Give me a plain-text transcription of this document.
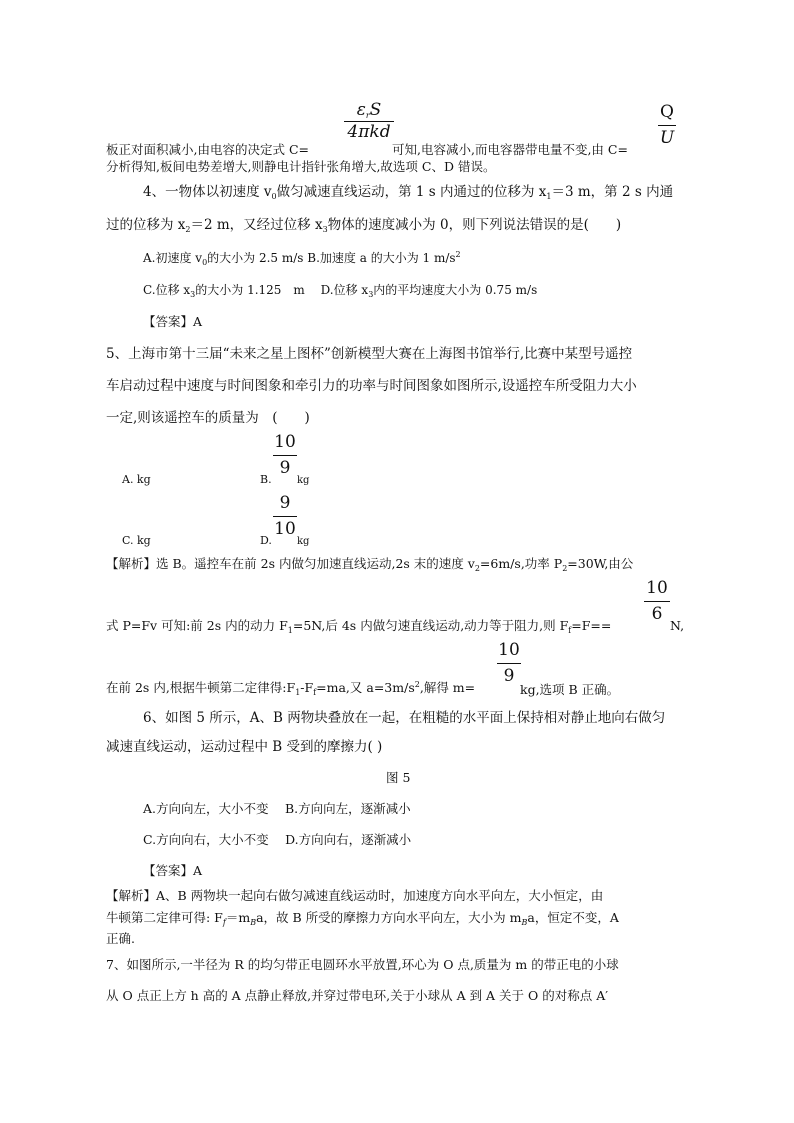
$\varepsilon_rS$
4πkd
Q
U
板正对面积减小,由电容的决定式 C=	可知,电容减小,而电容器带电量不变,由 C=
分析得知,板间电势差增大,则静电计指针张角增大,故选项 C、D 错误。
4、一物体以初速度 $v_0$做匀减速直线运动，第 1 s 内通过的位移为 $x_1=3$ m，第 2 s 内通
过的位移为 $x_2=2$ m，又经过位移 $x_3$物体的速度减小为 0，则下列说法错误的是(　　)
A.初速度 $v_0$的大小为 2.5 m/s B.加速度 a 的大小为 1 $m/s^2$
C.位移 $x_3$的大小为 1.125　m　 D.位移 $x_3$内的平均速度大小为 0.75 m/s
【答案】A
5、上海市第十三届“未来之星上图杯”创新模型大赛在上海图书馆举行,比赛中某型号遥控
车启动过程中速度与时间图象和牵引力的功率与时间图象如图所示,设遥控车所受阻力大小
一定,则该遥控车的质量为　(　　)
A. kg	B.
10
9
kg
C. kg	D.
9
10
kg
【解析】选 B。遥控车在前 2s 内做匀加速直线运动,2s 末的速度 $v_2=6m/s$,功率 $P_2=30W$,由公
式 P=Fv 可知:前 2s 内的动力 $F_1=5N$,后 4s 内做匀速直线运动,动力等于阻力,则 $F_f=F==$
10
6
N,
在前 2s 内,根据牛顿第二定律得$:F_1-F_f=ma$,又 $a=3m/s^2$,解得 m=
10
9
kg,选项 B 正确。
6、如图 5 所示，A、B 两物块叠放在一起，在粗糙的水平面上保持相对静止地向右做匀
减速直线运动，运动过程中 B 受到的摩擦力( )
图 5
A.方向向左，大小不变　 B.方向向左，逐渐减小
C.方向向右，大小不变　 D.方向向右，逐渐减小
【答案】A
【解析】A、B 两物块一起向右做匀减速直线运动时，加速度方向水平向左，大小恒定，由
牛顿第二定律可得: $F_f=m_Ba$，故 B 所受的摩擦力方向水平向左，大小为 $m_Ba$，恒定不变，A
正确.
7、如图所示,一半径为 R 的均匀带正电圆环水平放置,环心为 O 点,质量为 m 的带正电的小球
从 O 点正上方 h 高的 A 点静止释放,并穿过带电环,关于小球从 A 到 A 关于 O 的对称点 A′
